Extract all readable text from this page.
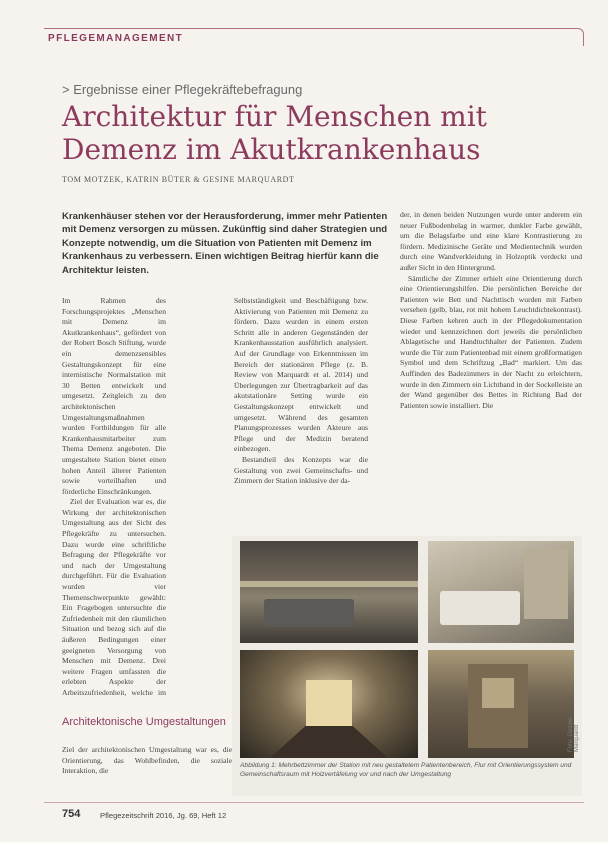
PFLEGEMANAGEMENT
> Ergebnisse einer Pflegekräftebefragung
Architektur für Menschen mit Demenz im Akutkrankenhaus
TOM MOTZEK, KATRIN BÜTER & GESINE MARQUARDT
Krankenhäuser stehen vor der Herausforderung, immer mehr Patienten mit Demenz versorgen zu müssen. Zukünftig sind daher Strategien und Konzepte notwendig, um die Situation von Patienten mit Demenz im Krankenhaus zu verbessern. Einen wichtigen Beitrag hierfür kann die Architektur leisten.

Im Rahmen des Forschungsprojektes „Menschen mit Demenz im Akutkrankenhaus“, gefördert von der Robert Bosch Stiftung, wurde ein demenzsensibles Gestaltungskonzept für eine internistische Normalstation mit 30 Betten entwickelt und umgesetzt. Zeitgleich zu den architektonischen Umgestaltungsmaßnahmen wurden Fortbildungen für alle Krankenhausmitarbeiter zum Thema Demenz angeboten. Die umgestaltete Station bietet einen hohen Anteil älterer Patienten sowie vorteilhaften und förderliche Einschränkungen.

Ziel der Evaluation war es, die Wirkung der architektonischen Umgestaltung aus der Sicht des Pflegekräfte zu untersuchen. Dazu wurde eine schriftliche Befragung der Pflegekräfte vor und nach der Umgestaltung durchgeführt. Für die Evaluation wurden vier Themenschwerpunkte gewählt: Ein Fragebogen untersuchte die Zufriedenheit mit den räumlichen Situation und bezog sich auf die äußeren Bedingungen einer geeigneten Versorgung von Menschen mit Demenz. Drei weitere Fragen umfassten die erlebten Aspekte der Arbeitszufriedenheit, welche im

Architektonische Umgestaltungen

Ziel der architektonischen Umgestaltung war es, die Orientierung, das Wohlbefinden, die soziale Interaktion, die

Selbstständigkeit und Beschäftigung bzw. Aktivierung von Patienten mit Demenz zu fördern. Dazu wurden in einem ersten Schritt alle in anderen Gegenständen der Krankenhausstation ausführlich analysiert. Auf der Grundlage von Erkenntnissen im Bereich der stationären Pflege (z. B. Review von Marquardt et al. 2014) und Überlegungen zur Übertragbarkeit auf das akutstationäre Setting wurde ein Gestaltungskonzept entwickelt und umgesetzt. Während des gesamten Planungsprozesses wurden Akteure aus Pflege und der Medizin beratend einbezogen.

Bestandteil des Konzepts war die Gestaltung von zwei Gemeinschafts- und Zimmern der Station inklusive der da-

der, in denen beiden Nutzungen wurde unter anderem ein neuer Fußbodenbelag in warmer, dunkler Farbe gewählt, um die Belagsfarbe und eine klare Kontrastierung zu fördern. Medizinische Geräte und Medientechnik wurden durch eine Wandverkleidung in Holzoptik verdeckt und außer Sicht in den Hintergrund.

Sämtliche der Zimmer erhielt eine Orientierung durch eine Orientierungshilfen. Die persönlichen Bereiche der Patienten wie Bett und Nachttisch wurden mit Farben versehen (gelb, blau, rot mit hohem Leuchtdichtekontrast). Diese Farben kehren auch in der Pflegedokumentation wieder und kennzeichnen dort jeweils die persönlichen Ablagetische und Handtuchhalter der Patienten. Zudem wurde die Tür zum Patientenbad mit einem großformatigen Symbol und dem Schriftzug „Bad“ markiert. Um das Auffinden des Badezimmers in der Nacht zu erleichtern, wurde in den Zimmern ein Lichtband in der Sockelleiste an der Wand gegenüber des Bettes in Richtung Bad der Patienten sowie installiert. Die

Foto: Gesine Marquardt
Abbildung 1: Mehrbettzimmer der Station mit neu gestaltetem Patientenbereich, Flur mit Orientierungssystem und Gemeinschaftsraum mit Holzvertäfelung vor und nach der Umgestaltung
754	Pflegezeitschrift 2016, Jg. 69, Heft 12
